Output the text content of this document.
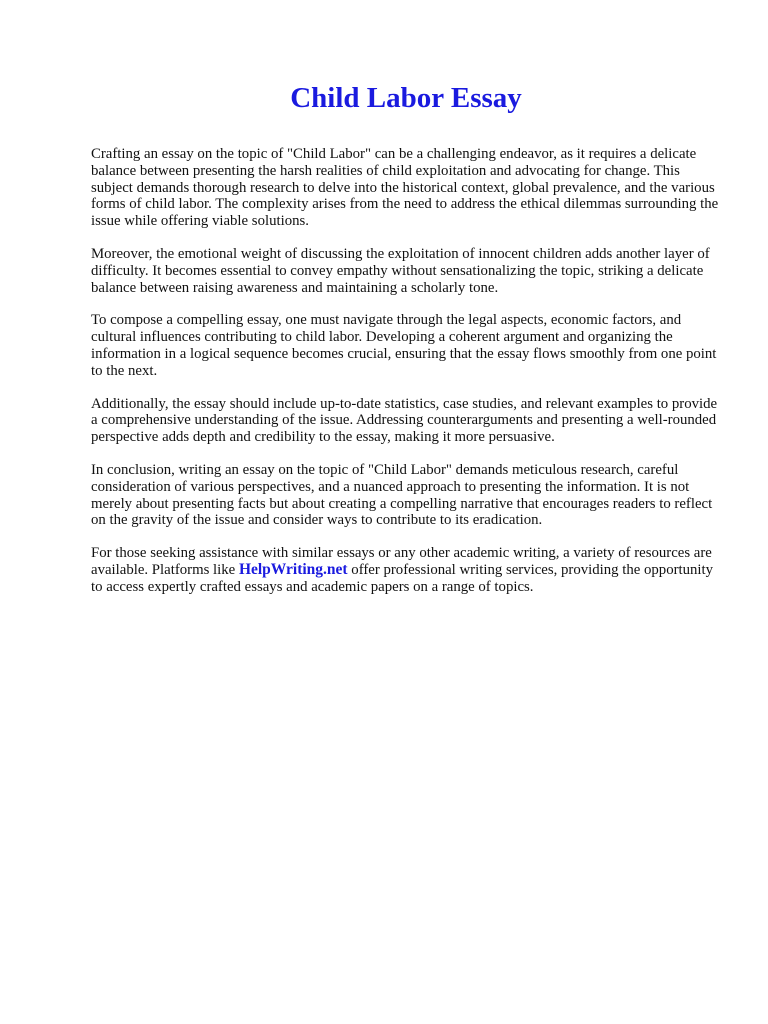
Child Labor Essay

Crafting an essay on the topic of "Child Labor" can be a challenging endeavor, as it requires a delicate balance between presenting the harsh realities of child exploitation and advocating for change. This subject demands thorough research to delve into the historical context, global prevalence, and the various forms of child labor. The complexity arises from the need to address the ethical dilemmas surrounding the issue while offering viable solutions.

Moreover, the emotional weight of discussing the exploitation of innocent children adds another layer of difficulty. It becomes essential to convey empathy without sensationalizing the topic, striking a delicate balance between raising awareness and maintaining a scholarly tone.

To compose a compelling essay, one must navigate through the legal aspects, economic factors, and cultural influences contributing to child labor. Developing a coherent argument and organizing the information in a logical sequence becomes crucial, ensuring that the essay flows smoothly from one point to the next.

Additionally, the essay should include up-to-date statistics, case studies, and relevant examples to provide a comprehensive understanding of the issue. Addressing counterarguments and presenting a well-rounded perspective adds depth and credibility to the essay, making it more persuasive.

In conclusion, writing an essay on the topic of "Child Labor" demands meticulous research, careful consideration of various perspectives, and a nuanced approach to presenting the information. It is not merely about presenting facts but about creating a compelling narrative that encourages readers to reflect on the gravity of the issue and consider ways to contribute to its eradication.

For those seeking assistance with similar essays or any other academic writing, a variety of resources are available. Platforms like HelpWriting.net offer professional writing services, providing the opportunity to access expertly crafted essays and academic papers on a range of topics.
